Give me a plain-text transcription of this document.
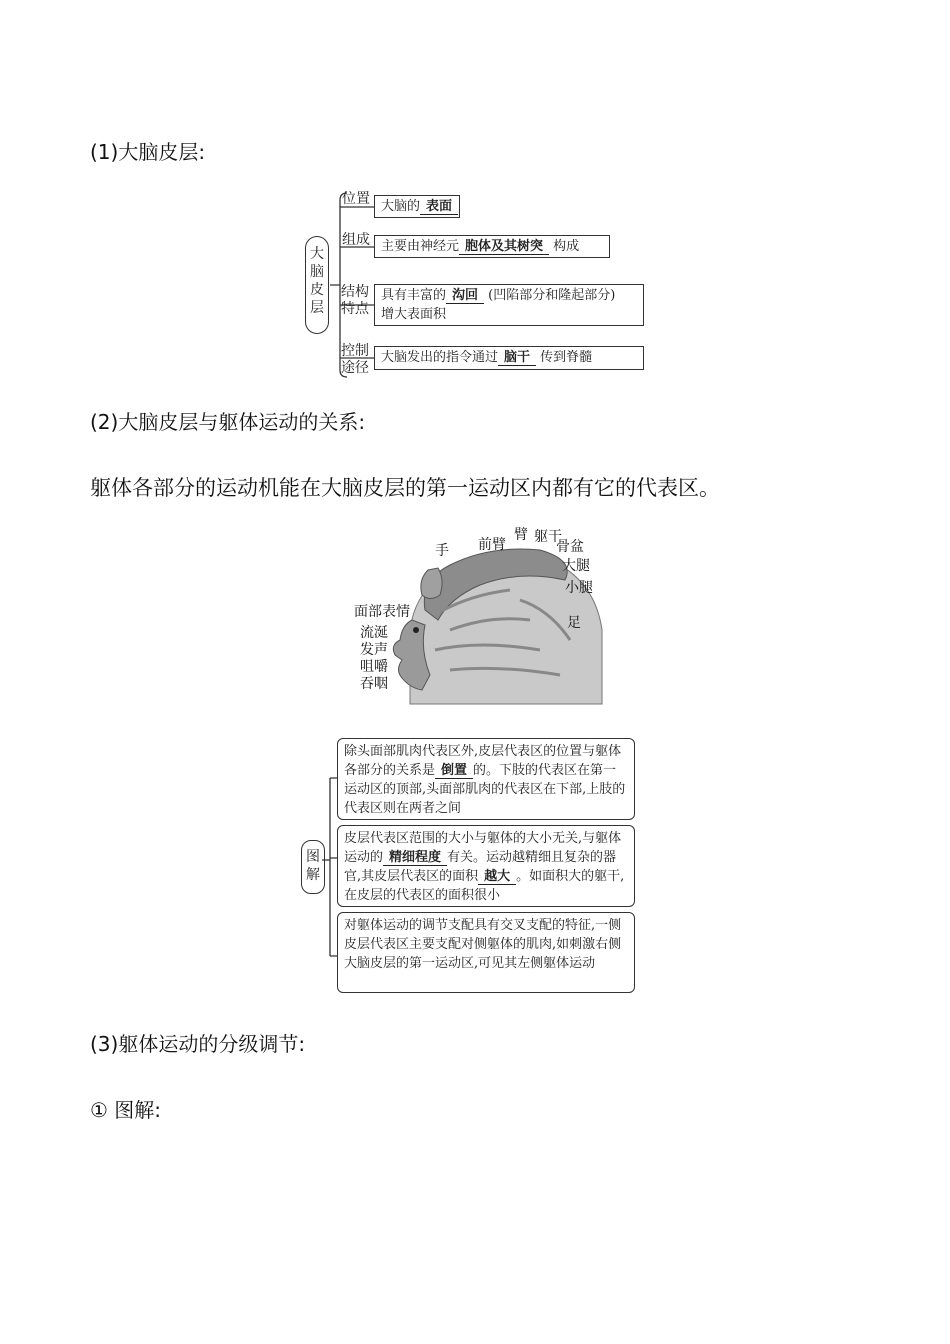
(1)大脑皮层:
(2)大脑皮层与躯体运动的关系:
躯体各部分的运动机能在大脑皮层的第一运动区内都有它的代表区。
(3)躯体运动的分级调节:
① 图解:
大
脑
皮
层
位置 大脑的 表面
组成 主要由神经元 胞体及其树突 构成
结构特点
具有丰富的 沟回 (凹陷部分和隆起部分)
增大表面积
控制途径
大脑发出的指令通过 脑干 传到脊髓
手 前臂
臂 躯干
骨盆
大腿
小腿
足
面部表情
流涎
发声
咀嚼
吞咽
图
解
除头面部肌肉代表区外,皮层代表区的位置与躯体各部分的关系是 倒置 的。下肢的代表区在第一运动区的顶部,头面部肌肉的代表区在下部,上肢的代表区则在两者之间
皮层代表区范围的大小与躯体的大小无关,与躯体运动的 精细程度 有关。运动越精细且复杂的器官,其皮层代表区的面积 越大 。如面积大的躯干,在皮层的代表区的面积很小
对躯体运动的调节支配具有交叉支配的特征,一侧皮层代表区主要支配对侧躯体的肌肉,如刺激右侧大脑皮层的第一运动区,可见其左侧躯体运动
